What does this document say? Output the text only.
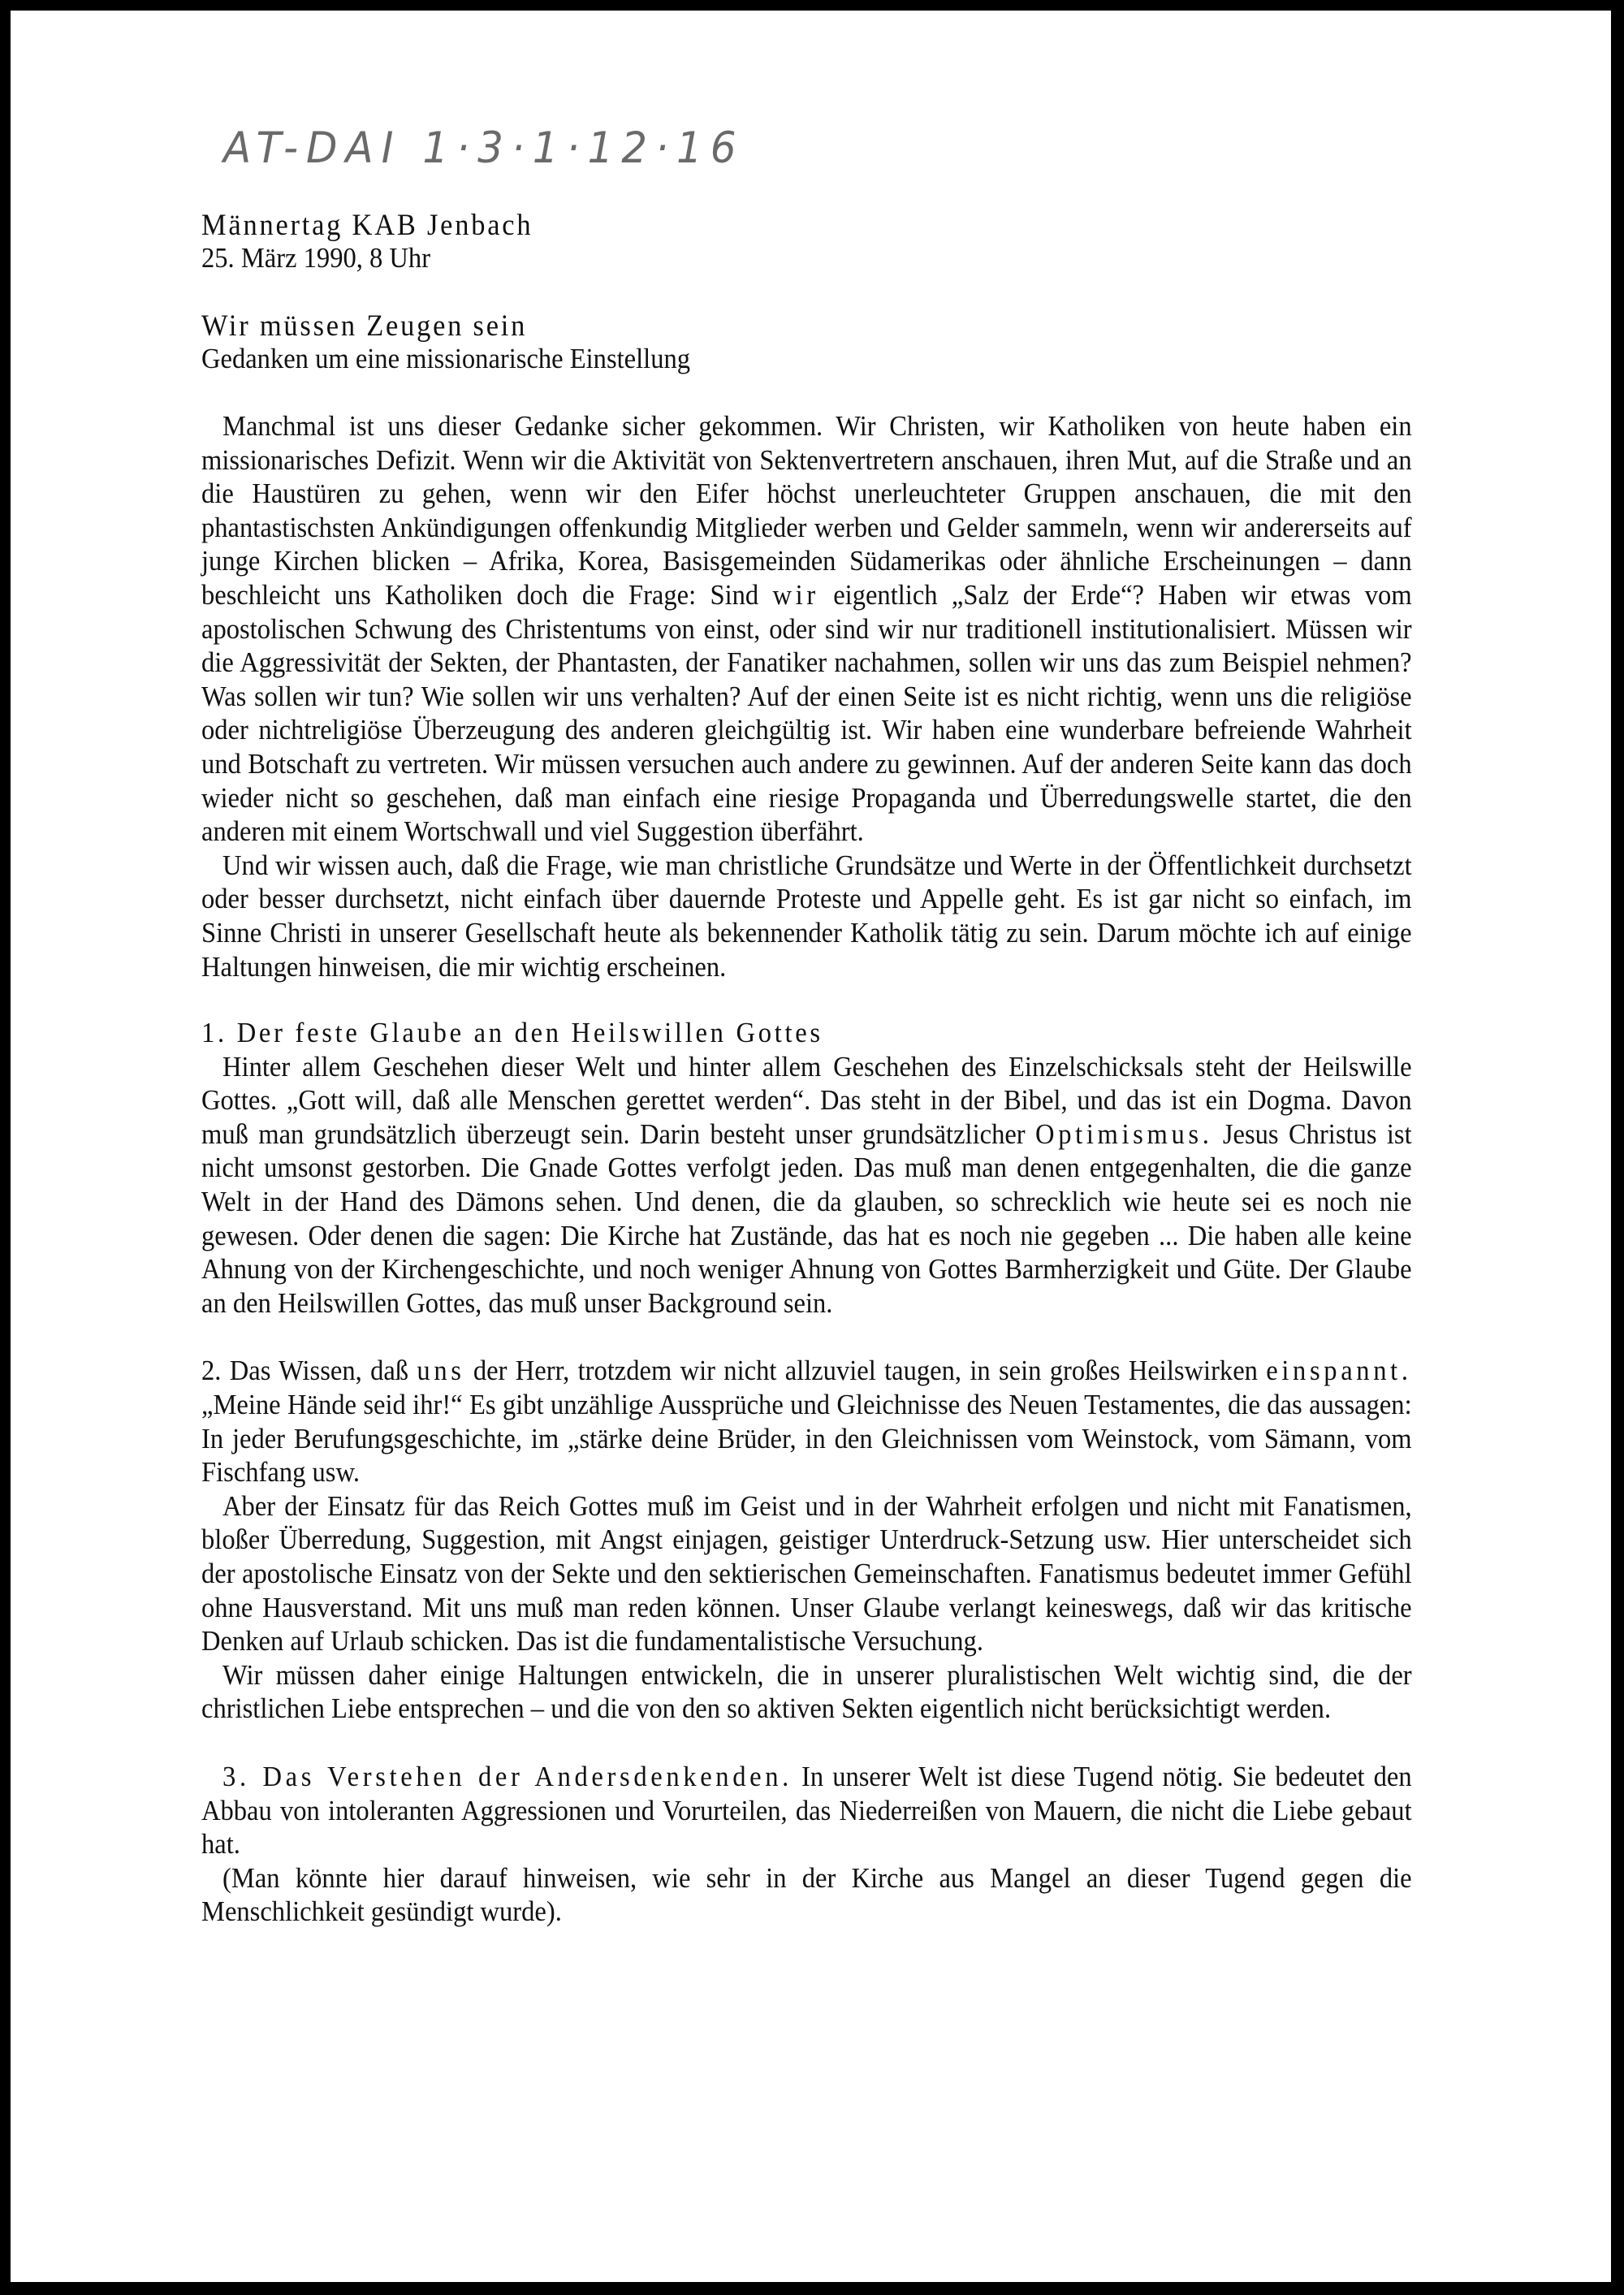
AT-DAI 1·3·1·12·16
Männertag KAB Jenbach
25. März 1990, 8 Uhr
Wir müssen Zeugen sein
Gedanken um eine missionarische Einstellung

Manchmal ist uns dieser Gedanke sicher gekommen. Wir Christen, wir Katholiken von heute haben ein missionarisches Defizit. Wenn wir die Aktivität von Sektenvertretern anschauen, ihren Mut, auf die Straße und an die Haustüren zu gehen, wenn wir den Eifer höchst unerleuchteter Gruppen anschauen, die mit den phantastischsten Ankündigungen offenkundig Mitglieder werben und Gelder sammeln, wenn wir andererseits auf junge Kirchen blicken – Afrika, Korea, Basisgemeinden Südamerikas oder ähnliche Erscheinungen – dann beschleicht uns Katholiken doch die Frage: Sind wir eigentlich „Salz der Erde“? Haben wir etwas vom apostolischen Schwung des Christentums von einst, oder sind wir nur traditionell institutionalisiert. Müssen wir die Aggressivität der Sekten, der Phantasten, der Fanatiker nachahmen, sollen wir uns das zum Beispiel nehmen? Was sollen wir tun? Wie sollen wir uns verhalten? Auf der einen Seite ist es nicht richtig, wenn uns die religiöse oder nichtreligiöse Überzeugung des anderen gleichgültig ist. Wir haben eine wunderbare befreiende Wahrheit und Botschaft zu vertreten. Wir müssen versuchen auch andere zu gewinnen. Auf der anderen Seite kann das doch wieder nicht so geschehen, daß man einfach eine riesige Propaganda und Überredungswelle startet, die den anderen mit einem Wortschwall und viel Suggestion überfährt.

Und wir wissen auch, daß die Frage, wie man christliche Grundsätze und Werte in der Öffentlichkeit durchsetzt oder besser durchsetzt, nicht einfach über dauernde Proteste und Appelle geht. Es ist gar nicht so einfach, im Sinne Christi in unserer Gesellschaft heute als bekennender Katholik tätig zu sein. Darum möchte ich auf einige Haltungen hinweisen, die mir wichtig erscheinen.

1. Der feste Glaube an den Heilswillen Gottes

Hinter allem Geschehen dieser Welt und hinter allem Geschehen des Einzelschicksals steht der Heilswille Gottes. „Gott will, daß alle Menschen gerettet werden“. Das steht in der Bibel, und das ist ein Dogma. Davon muß man grundsätzlich überzeugt sein. Darin besteht unser grundsätzlicher Optimismus. Jesus Christus ist nicht umsonst gestorben. Die Gnade Gottes verfolgt jeden. Das muß man denen entgegenhalten, die die ganze Welt in der Hand des Dämons sehen. Und denen, die da glauben, so schrecklich wie heute sei es noch nie gewesen. Oder denen die sagen: Die Kirche hat Zustände, das hat es noch nie gegeben ... Die haben alle keine Ahnung von der Kirchengeschichte, und noch weniger Ahnung von Gottes Barmherzigkeit und Güte. Der Glaube an den Heilswillen Gottes, das muß unser Background sein.

2. Das Wissen, daß uns der Herr, trotzdem wir nicht allzuviel taugen, in sein großes Heilswirken einspannt. „Meine Hände seid ihr!“ Es gibt unzählige Aussprüche und Gleichnisse des Neuen Testamentes, die das aussagen: In jeder Berufungsgeschichte, im „stärke deine Brüder, in den Gleichnissen vom Weinstock, vom Sämann, vom Fischfang usw.

Aber der Einsatz für das Reich Gottes muß im Geist und in der Wahrheit erfolgen und nicht mit Fanatismen, bloßer Überredung, Suggestion, mit Angst einjagen, geistiger Unterdruck-Setzung usw. Hier unterscheidet sich der apostolische Einsatz von der Sekte und den sektierischen Gemeinschaften. Fanatismus bedeutet immer Gefühl ohne Hausverstand. Mit uns muß man reden können. Unser Glaube verlangt keineswegs, daß wir das kritische Denken auf Urlaub schicken. Das ist die fundamentalistische Versuchung.

Wir müssen daher einige Haltungen entwickeln, die in unserer pluralistischen Welt wichtig sind, die der christlichen Liebe entsprechen – und die von den so aktiven Sekten eigentlich nicht berücksichtigt werden.

3. Das Verstehen der Andersdenkenden. In unserer Welt ist diese Tugend nötig. Sie bedeutet den Abbau von intoleranten Aggressionen und Vorurteilen, das Niederreißen von Mauern, die nicht die Liebe gebaut hat.

(Man könnte hier darauf hinweisen, wie sehr in der Kirche aus Mangel an dieser Tugend gegen die Menschlichkeit gesündigt wurde).
